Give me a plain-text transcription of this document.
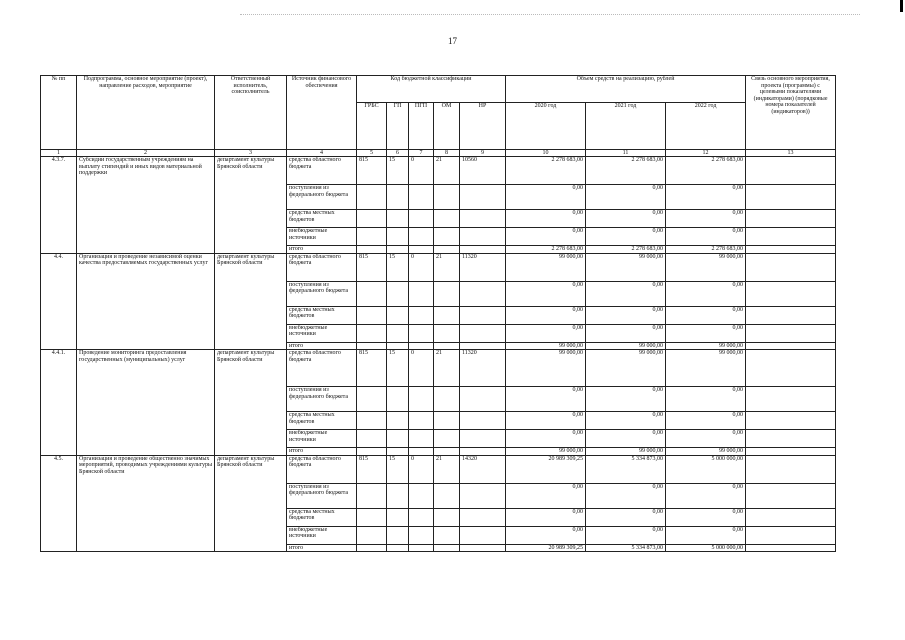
17
№ пп	Подпрограмма, основное мероприятие (проект), направление расходов, мероприятие	Ответственный исполнитель, соисполнитель	Источник финансового обеспечения	Код бюджетной классификации					Объем средств на реализацию, рублей			Связь основного мероприятия, проекта (программы) с целевыми показателями (индикаторами) (порядковые номера показателей (индикаторов))
				ГРБС	ГП	ПГП	ОМ	НР	2020 год	2021 год	2022 год	
1	2	3	4	5	6	7	8	9	10	11	12	13
4.3.7.	Субсидии государственным учреждениям на выплату стипендий и иных видов материальной поддержки	департамент культуры Брянской области	средства областного бюджета	815	15	0	21	10560	2 278 683,00	2 278 683,00	2 278 683,00	
			поступления из федерального бюджета						0,00	0,00	0,00	
			средства местных бюджетов						0,00	0,00	0,00	
			внебюджетные источники						0,00	0,00	0,00	
			итого						2 278 683,00	2 278 683,00	2 278 683,00	
4.4.	Организация и проведение независимой оценки качества предоставляемых государственных услуг	департамент культуры Брянской области	средства областного бюджета	815	15	0	21	11320	99 000,00	99 000,00	99 000,00	
			поступления из федерального бюджета						0,00	0,00	0,00	
			средства местных бюджетов						0,00	0,00	0,00	
			внебюджетные источники						0,00	0,00	0,00	
			итого						99 000,00	99 000,00	99 000,00	
4.4.1.	Проведение мониторинга предоставления государственных (муниципальных) услуг	департамент культуры Брянской области	средства областного бюджета	815	15	0	21	11320	99 000,00	99 000,00	99 000,00	
			поступления из федерального бюджета						0,00	0,00	0,00	
			средства местных бюджетов						0,00	0,00	0,00	
			внебюджетные источники						0,00	0,00	0,00	
			итого						99 000,00	99 000,00	99 000,00	
4.5.	Организация и проведение общественно значимых мероприятий, проводимых учреждениями культуры Брянской области	департамент культуры Брянской области	средства областного бюджета	815	15	0	21	14320	20 989 309,25	5 334 873,00	5 000 000,00	
			поступления из федерального бюджета						0,00	0,00	0,00	
			средства местных бюджетов						0,00	0,00	0,00	
			внебюджетные источники						0,00	0,00	0,00	
			итого						20 989 309,25	5 334 873,00	5 000 000,00	
